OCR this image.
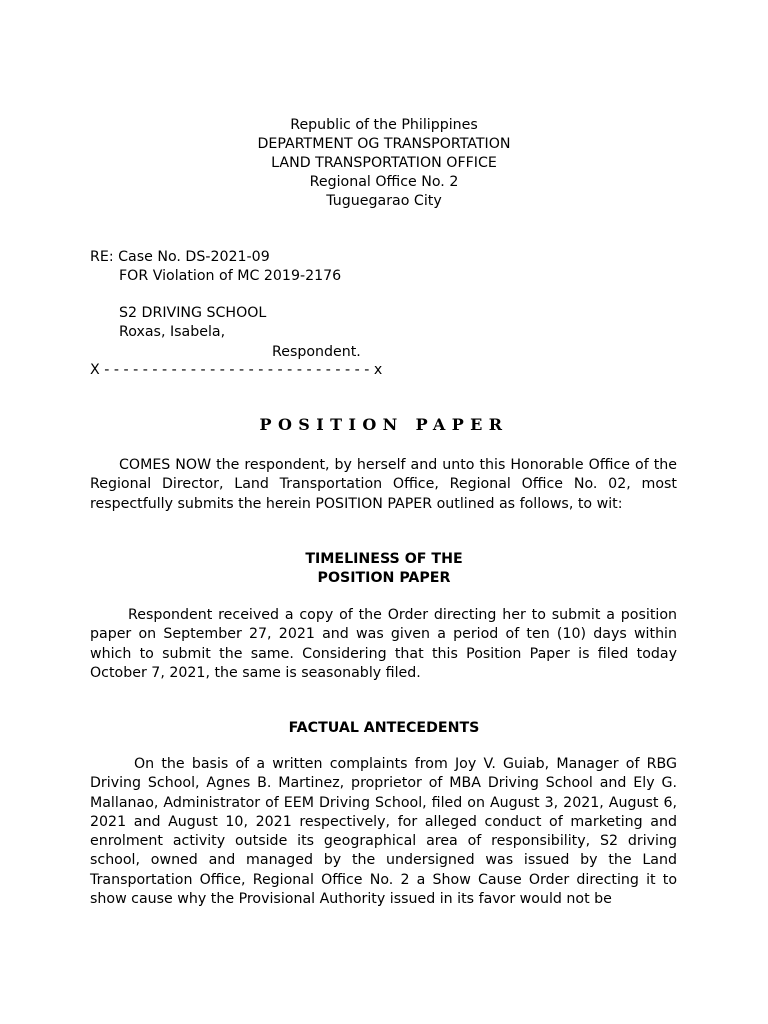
Republic of the Philippines
DEPARTMENT OG TRANSPORTATION
LAND TRANSPORTATION OFFICE
Regional Office No. 2
Tuguegarao City
RE: Case No. DS-2021-09
FOR Violation of MC 2019-2176
S2 DRIVING SCHOOL
Roxas, Isabela,
Respondent.
X - - - - - - - - - - - - - - - - - - - - - - - - - - - - x
POSITION PAPER
COMES NOW the respondent, by herself and unto this Honorable Office of the
Regional Director, Land Transportation Office, Regional Office No. 02, most
respectfully submits the herein POSITION PAPER outlined as follows, to wit:
TIMELINESS OF THE
POSITION PAPER
Respondent received a copy of the Order directing her to submit a position
paper on September 27, 2021 and was given a period of ten (10) days within
which to submit the same. Considering that this Position Paper is filed today
October 7, 2021, the same is seasonably filed.
FACTUAL ANTECEDENTS
On the basis of a written complaints from Joy V. Guiab, Manager of RBG
Driving School, Agnes B. Martinez, proprietor of MBA Driving School and Ely G.
Mallanao, Administrator of EEM Driving School, filed on August 3, 2021, August 6,
2021 and August 10, 2021 respectively, for alleged conduct of marketing and
enrolment activity outside its geographical area of responsibility, S2 driving
school, owned and managed by the undersigned was issued by the Land
Transportation Office, Regional Office No. 2 a Show Cause Order directing it to
show cause why the Provisional Authority issued in its favor would not be
